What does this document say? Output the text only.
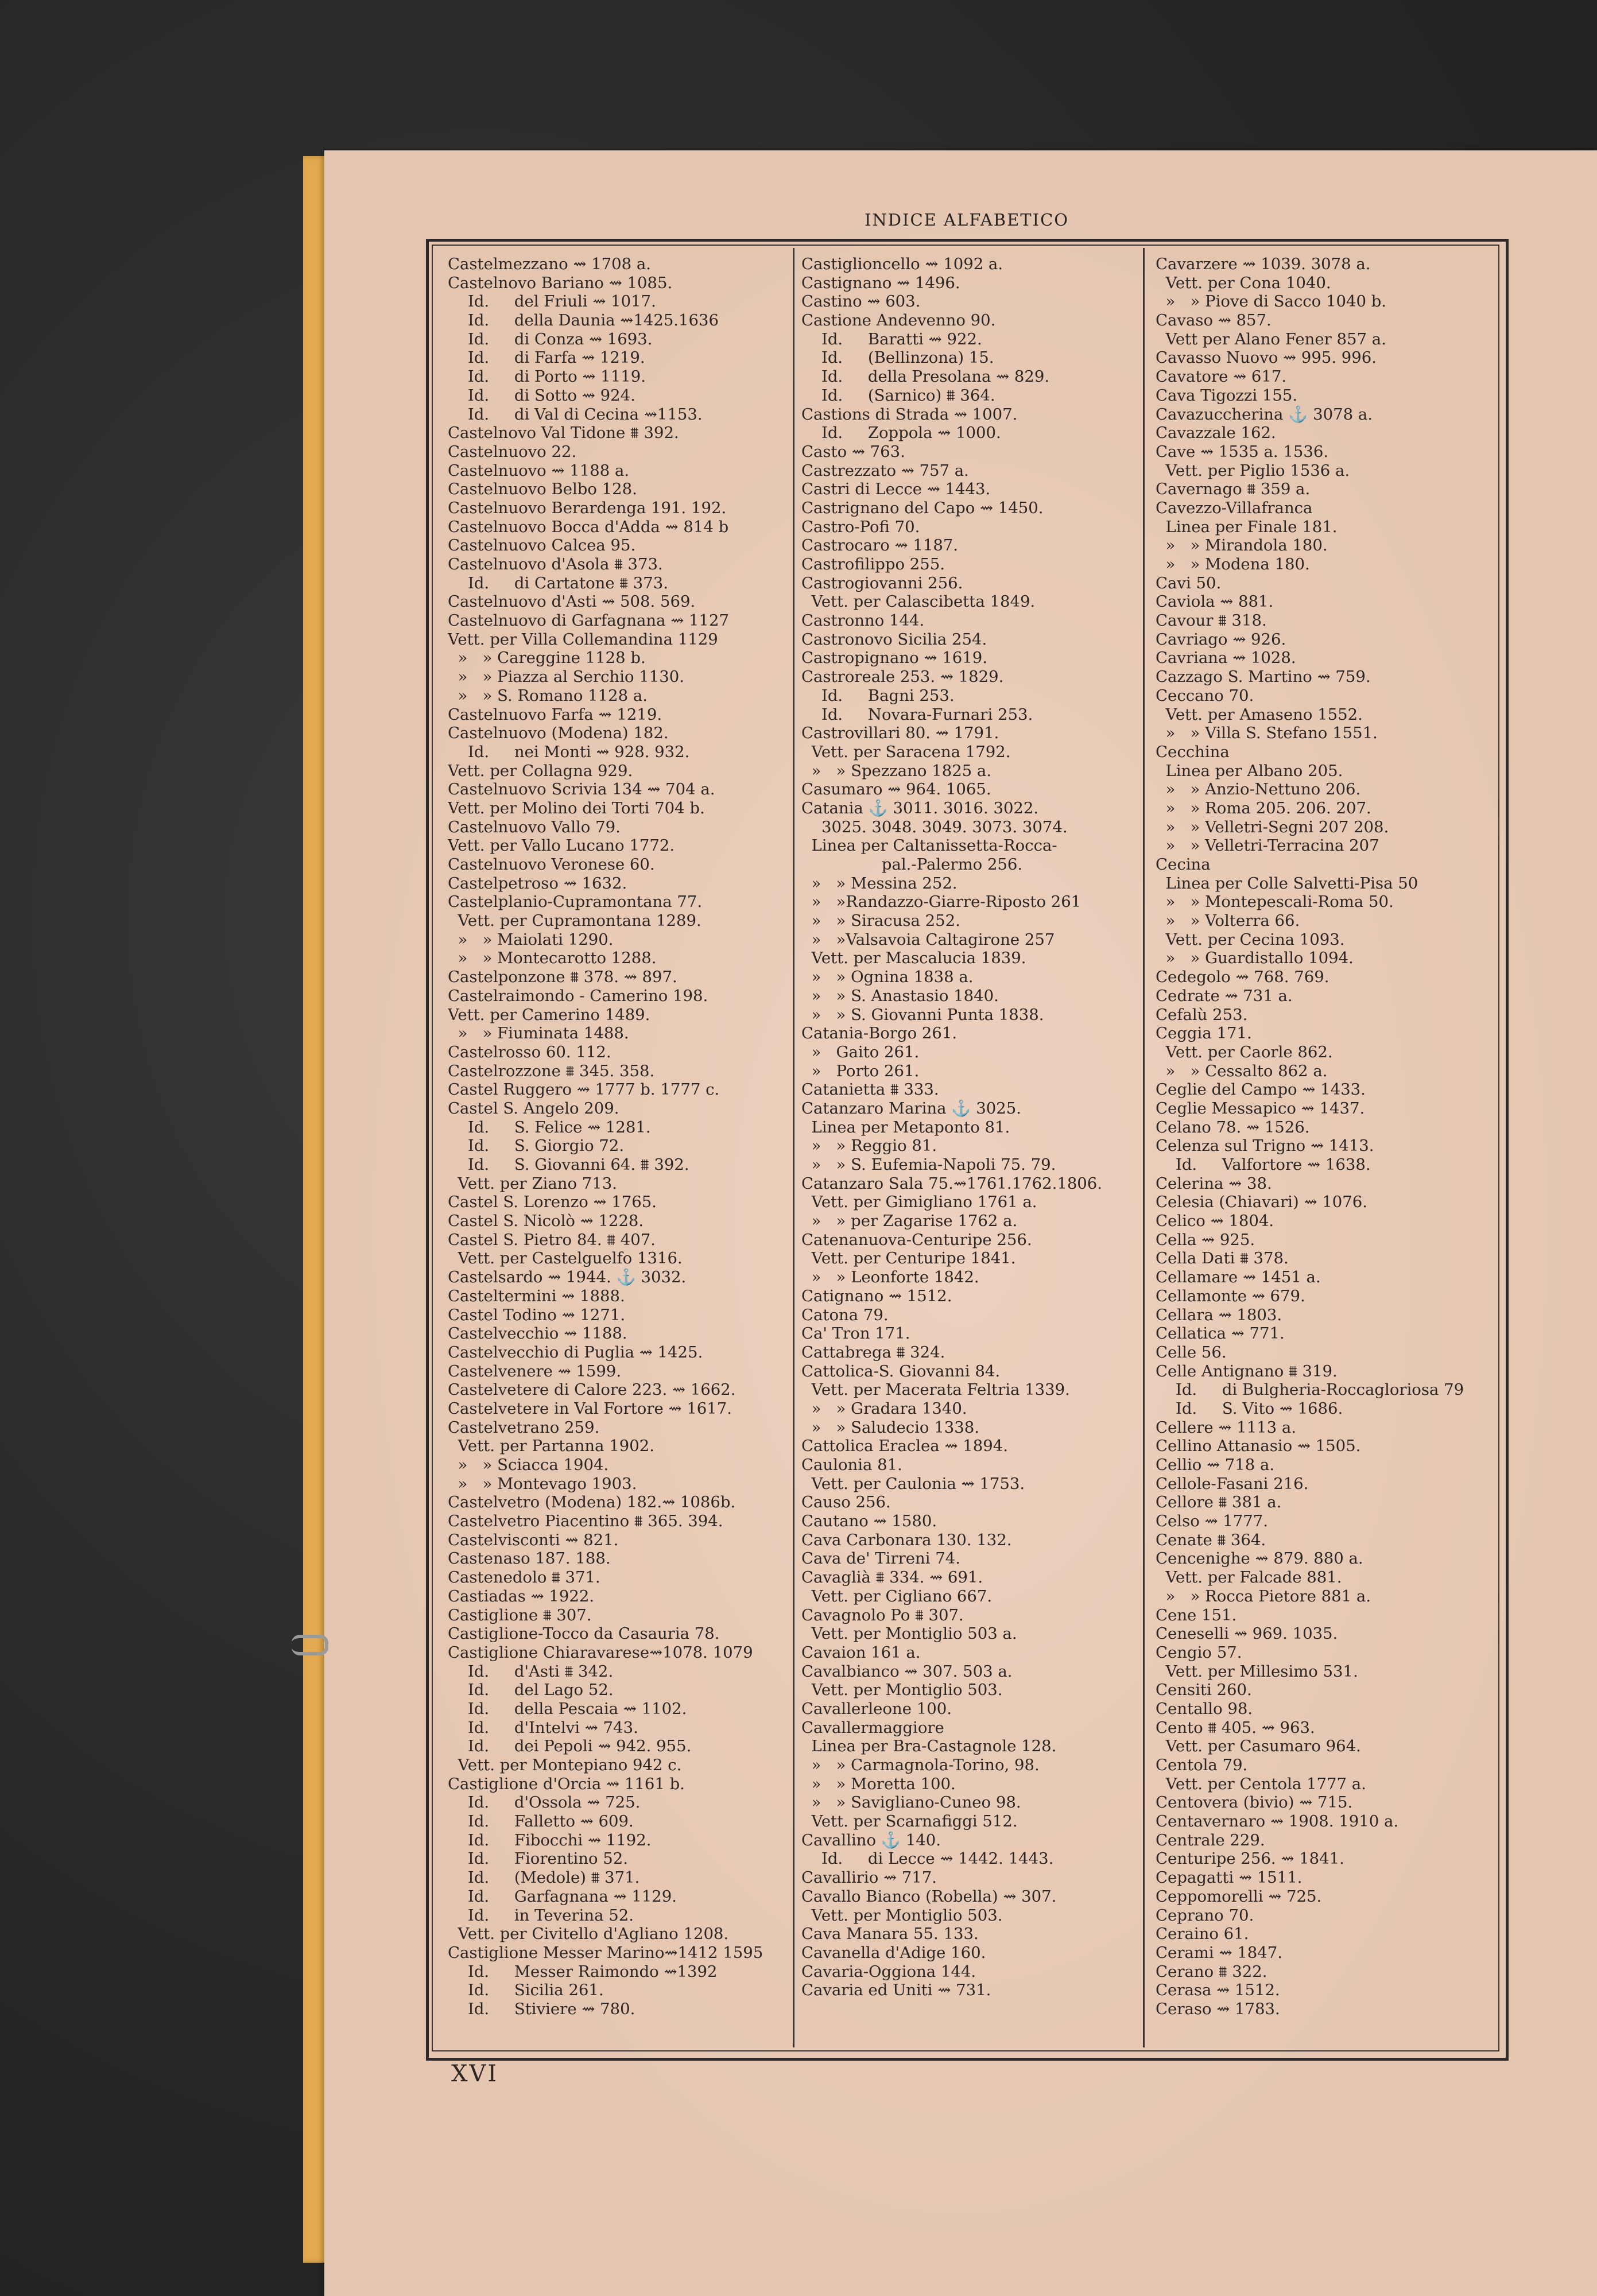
INDICE ALFABETICO
Castelmezzano ⇝ 1708 a.
Castelnovo Bariano ⇝ 1085.
Id.     del Friuli ⇝ 1017.
Id.     della Daunia ⇝1425.1636
Id.     di Conza ⇝ 1693.
Id.     di Farfa ⇝ 1219.
Id.     di Porto ⇝ 1119.
Id.     di Sotto ⇝ 924.
Id.     di Val di Cecina ⇝1153.
Castelnovo Val Tidone ⩩ 392.
Castelnuovo 22.
Castelnuovo ⇝ 1188 a.
Castelnuovo Belbo 128.
Castelnuovo Berardenga 191. 192.
Castelnuovo Bocca d'Adda ⇝ 814 b
Castelnuovo Calcea 95.
Castelnuovo d'Asola ⩩ 373.
Id.     di Cartatone ⩩ 373.
Castelnuovo d'Asti ⇝ 508. 569.
Castelnuovo di Garfagnana ⇝ 1127
Vett. per Villa Collemandina 1129
»   » Careggine 1128 b.
»   » Piazza al Serchio 1130.
»   » S. Romano 1128 a.
Castelnuovo Farfa ⇝ 1219.
Castelnuovo (Modena) 182.
Id.     nei Monti ⇝ 928. 932.
Vett. per Collagna 929.
Castelnuovo Scrivia 134 ⇝ 704 a.
Vett. per Molino dei Torti 704 b.
Castelnuovo Vallo 79.
Vett. per Vallo Lucano 1772.
Castelnuovo Veronese 60.
Castelpetroso ⇝ 1632.
Castelplanio-Cupramontana 77.
Vett. per Cupramontana 1289.
»   » Maiolati 1290.
»   » Montecarotto 1288.
Castelponzone ⩩ 378. ⇝ 897.
Castelraimondo - Camerino 198.
Vett. per Camerino 1489.
»   » Fiuminata 1488.
Castelrosso 60. 112.
Castelrozzone ⩩ 345. 358.
Castel Ruggero ⇝ 1777 b. 1777 c.
Castel S. Angelo 209.
Id.     S. Felice ⇝ 1281.
Id.     S. Giorgio 72.
Id.     S. Giovanni 64. ⩩ 392.
Vett. per Ziano 713.
Castel S. Lorenzo ⇝ 1765.
Castel S. Nicolò ⇝ 1228.
Castel S. Pietro 84. ⩩ 407.
Vett. per Castelguelfo 1316.
Castelsardo ⇝ 1944. ⚓ 3032.
Casteltermini ⇝ 1888.
Castel Todino ⇝ 1271.
Castelvecchio ⇝ 1188.
Castelvecchio di Puglia ⇝ 1425.
Castelvenere ⇝ 1599.
Castelvetere di Calore 223. ⇝ 1662.
Castelvetere in Val Fortore ⇝ 1617.
Castelvetrano 259.
Vett. per Partanna 1902.
»   » Sciacca 1904.
»   » Montevago 1903.
Castelvetro (Modena) 182.⇝ 1086b.
Castelvetro Piacentino ⩩ 365. 394.
Castelvisconti ⇝ 821.
Castenaso 187. 188.
Castenedolo ⩩ 371.
Castiadas ⇝ 1922.
Castiglione ⩩ 307.
Castiglione-Tocco da Casauria 78.
Castiglione Chiaravarese⇝1078. 1079
Id.     d'Asti ⩩ 342.
Id.     del Lago 52.
Id.     della Pescaia ⇝ 1102.
Id.     d'Intelvi ⇝ 743.
Id.     dei Pepoli ⇝ 942. 955.
Vett. per Montepiano 942 c.
Castiglione d'Orcia ⇝ 1161 b.
Id.     d'Ossola ⇝ 725.
Id.     Falletto ⇝ 609.
Id.     Fibocchi ⇝ 1192.
Id.     Fiorentino 52.
Id.     (Medole) ⩩ 371.
Id.     Garfagnana ⇝ 1129.
Id.     in Teverina 52.
Vett. per Civitello d'Agliano 1208.
Castiglione Messer Marino⇝1412 1595
Id.     Messer Raimondo ⇝1392
Id.     Sicilia 261.
Id.     Stiviere ⇝ 780.
Castiglioncello ⇝ 1092 a.
Castignano ⇝ 1496.
Castino ⇝ 603.
Castione Andevenno 90.
Id.     Baratti ⇝ 922.
Id.     (Bellinzona) 15.
Id.     della Presolana ⇝ 829.
Id.     (Sarnico) ⩩ 364.
Castions di Strada ⇝ 1007.
Id.     Zoppola ⇝ 1000.
Casto ⇝ 763.
Castrezzato ⇝ 757 a.
Castri di Lecce ⇝ 1443.
Castrignano del Capo ⇝ 1450.
Castro-Pofi 70.
Castrocaro ⇝ 1187.
Castrofilippo 255.
Castrogiovanni 256.
Vett. per Calascibetta 1849.
Castronno 144.
Castronovo Sicilia 254.
Castropignano ⇝ 1619.
Castroreale 253. ⇝ 1829.
Id.     Bagni 253.
Id.     Novara-Furnari 253.
Castrovillari 80. ⇝ 1791.
Vett. per Saracena 1792.
»   » Spezzano 1825 a.
Casumaro ⇝ 964. 1065.
Catania ⚓ 3011. 3016. 3022.
3025. 3048. 3049. 3073. 3074.
Linea per Caltanissetta-Rocca-
pal.-Palermo 256.
»   » Messina 252.
»   »Randazzo-Giarre-Riposto 261
»   » Siracusa 252.
»   »Valsavoia Caltagirone 257
Vett. per Mascalucia 1839.
»   » Ognina 1838 a.
»   » S. Anastasio 1840.
»   » S. Giovanni Punta 1838.
Catania-Borgo 261.
»   Gaito 261.
»   Porto 261.
Catanietta ⩩ 333.
Catanzaro Marina ⚓ 3025.
Linea per Metaponto 81.
»   » Reggio 81.
»   » S. Eufemia-Napoli 75. 79.
Catanzaro Sala 75.⇝1761.1762.1806.
Vett. per Gimigliano 1761 a.
»   » per Zagarise 1762 a.
Catenanuova-Centuripe 256.
Vett. per Centuripe 1841.
»   » Leonforte 1842.
Catignano ⇝ 1512.
Catona 79.
Ca' Tron 171.
Cattabrega ⩩ 324.
Cattolica-S. Giovanni 84.
Vett. per Macerata Feltria 1339.
»   » Gradara 1340.
»   » Saludecio 1338.
Cattolica Eraclea ⇝ 1894.
Caulonia 81.
Vett. per Caulonia ⇝ 1753.
Causo 256.
Cautano ⇝ 1580.
Cava Carbonara 130. 132.
Cava de' Tirreni 74.
Cavaglià ⩩ 334. ⇝ 691.
Vett. per Cigliano 667.
Cavagnolo Po ⩩ 307.
Vett. per Montiglio 503 a.
Cavaion 161 a.
Cavalbianco ⇝ 307. 503 a.
Vett. per Montiglio 503.
Cavallerleone 100.
Cavallermaggiore
Linea per Bra-Castagnole 128.
»   » Carmagnola-Torino, 98.
»   » Moretta 100.
»   » Savigliano-Cuneo 98.
Vett. per Scarnafiggi 512.
Cavallino ⚓ 140.
Id.     di Lecce ⇝ 1442. 1443.
Cavallirio ⇝ 717.
Cavallo Bianco (Robella) ⇝ 307.
Vett. per Montiglio 503.
Cava Manara 55. 133.
Cavanella d'Adige 160.
Cavaria-Oggiona 144.
Cavaria ed Uniti ⇝ 731.
Cavarzere ⇝ 1039. 3078 a.
Vett. per Cona 1040.
»   » Piove di Sacco 1040 b.
Cavaso ⇝ 857.
Vett per Alano Fener 857 a.
Cavasso Nuovo ⇝ 995. 996.
Cavatore ⇝ 617.
Cava Tigozzi 155.
Cavazuccherina ⚓ 3078 a.
Cavazzale 162.
Cave ⇝ 1535 a. 1536.
Vett. per Piglio 1536 a.
Cavernago ⩩ 359 a.
Cavezzo-Villafranca
Linea per Finale 181.
»   » Mirandola 180.
»   » Modena 180.
Cavi 50.
Caviola ⇝ 881.
Cavour ⩩ 318.
Cavriago ⇝ 926.
Cavriana ⇝ 1028.
Cazzago S. Martino ⇝ 759.
Ceccano 70.
Vett. per Amaseno 1552.
»   » Villa S. Stefano 1551.
Cecchina
Linea per Albano 205.
»   » Anzio-Nettuno 206.
»   » Roma 205. 206. 207.
»   » Velletri-Segni 207 208.
»   » Velletri-Terracina 207
Cecina
Linea per Colle Salvetti-Pisa 50
»   » Montepescali-Roma 50.
»   » Volterra 66.
Vett. per Cecina 1093.
»   » Guardistallo 1094.
Cedegolo ⇝ 768. 769.
Cedrate ⇝ 731 a.
Cefalù 253.
Ceggia 171.
Vett. per Caorle 862.
»   » Cessalto 862 a.
Ceglie del Campo ⇝ 1433.
Ceglie Messapico ⇝ 1437.
Celano 78. ⇝ 1526.
Celenza sul Trigno ⇝ 1413.
Id.     Valfortore ⇝ 1638.
Celerina ⇝ 38.
Celesia (Chiavari) ⇝ 1076.
Celico ⇝ 1804.
Cella ⇝ 925.
Cella Dati ⩩ 378.
Cellamare ⇝ 1451 a.
Cellamonte ⇝ 679.
Cellara ⇝ 1803.
Cellatica ⇝ 771.
Celle 56.
Celle Antignano ⩩ 319.
Id.     di Bulgheria-Roccagloriosa 79
Id.     S. Vito ⇝ 1686.
Cellere ⇝ 1113 a.
Cellino Attanasio ⇝ 1505.
Cellio ⇝ 718 a.
Cellole-Fasani 216.
Cellore ⩩ 381 a.
Celso ⇝ 1777.
Cenate ⩩ 364.
Cencenighe ⇝ 879. 880 a.
Vett. per Falcade 881.
»   » Rocca Pietore 881 a.
Cene 151.
Ceneselli ⇝ 969. 1035.
Cengio 57.
Vett. per Millesimo 531.
Censiti 260.
Centallo 98.
Cento ⩩ 405. ⇝ 963.
Vett. per Casumaro 964.
Centola 79.
Vett. per Centola 1777 a.
Centovera (bivio) ⇝ 715.
Centavernaro ⇝ 1908. 1910 a.
Centrale 229.
Centuripe 256. ⇝ 1841.
Cepagatti ⇝ 1511.
Ceppomorelli ⇝ 725.
Ceprano 70.
Ceraino 61.
Cerami ⇝ 1847.
Cerano ⩩ 322.
Cerasa ⇝ 1512.
Ceraso ⇝ 1783.
XVI
